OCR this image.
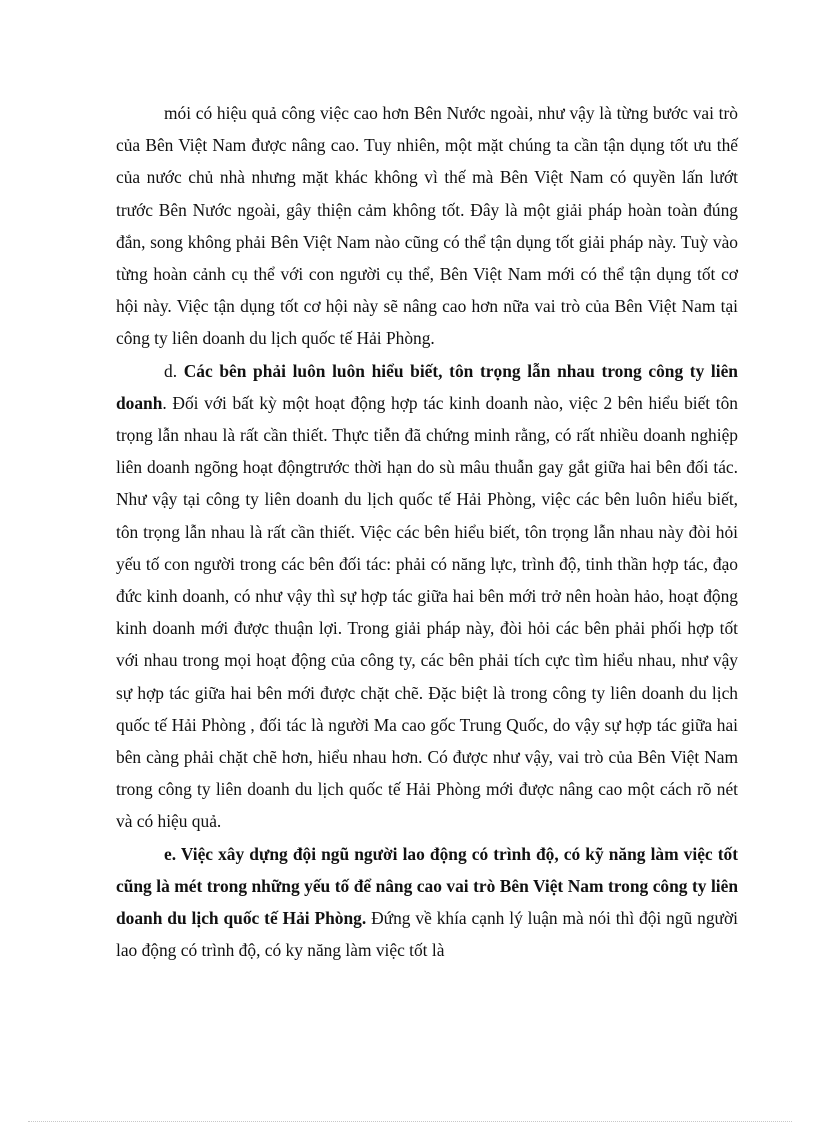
mói có hiệu quả công việc cao hơn Bên Nước ngoài, như vậy là từng bước vai trò của Bên Việt Nam được nâng cao. Tuy nhiên, một mặt chúng ta cần tận dụng tốt ưu thế của nước chủ nhà nhưng mặt khác không vì thế mà Bên Việt Nam có quyền lấn lướt trước Bên Nước ngoài, gây thiện cảm không tốt. Đây là một giải pháp hoàn toàn đúng đắn, song không phải Bên Việt Nam nào cũng có thể tận dụng tốt giải pháp này. Tuỳ vào từng hoàn cảnh cụ thể với con người cụ thể, Bên Việt Nam mới có thể tận dụng tốt cơ hội này. Việc tận dụng tốt cơ hội này sẽ nâng cao hơn nữa vai trò của Bên Việt Nam tại công ty liên doanh du lịch quốc tế Hải Phòng.

d. Các bên phải luôn luôn hiểu biết, tôn trọng lẫn nhau trong công ty liên doanh. Đối với bất kỳ một hoạt động hợp tác kinh doanh nào, việc 2 bên hiểu biết tôn trọng lẫn nhau là rất cần thiết. Thực tiễn đã chứng minh rằng, có rất nhiều doanh nghiệp liên doanh ngõng hoạt độngtrước thời hạn do sù mâu thuẫn gay gắt giữa hai bên đối tác. Như vậy tại công ty liên doanh du lịch quốc tế Hải Phòng, việc các bên luôn hiểu biết, tôn trọng lẫn nhau là rất cần thiết. Việc các bên hiểu biết, tôn trọng lẫn nhau này đòi hỏi yếu tố con người trong các bên đối tác: phải có năng lực, trình độ, tinh thần hợp tác, đạo đức kinh doanh, có như vậy thì sự hợp tác giữa hai bên mới trở nên hoàn hảo, hoạt động kinh doanh mới được thuận lợi. Trong giải pháp này, đòi hỏi các bên phải phối hợp tốt với nhau trong mọi hoạt động của công ty, các bên phải tích cực tìm hiểu nhau, như vậy sự hợp tác giữa hai bên mới được chặt chẽ. Đặc biệt là trong công ty liên doanh du lịch quốc tế Hải Phòng , đối tác là người Ma cao gốc Trung Quốc, do vậy sự hợp tác giữa hai bên càng phải chặt chẽ hơn, hiểu nhau hơn. Có được như vậy, vai trò của Bên Việt Nam trong công ty liên doanh du lịch quốc tế Hải Phòng mới được nâng cao một cách rõ nét và có hiệu quả.

e. Việc xây dựng đội ngũ người lao động có trình độ, có kỹ năng làm việc tốt cũng là mét trong những yếu tố để nâng cao vai trò Bên Việt Nam trong công ty liên doanh du lịch quốc tế Hải Phòng. Đứng về khía cạnh lý luận mà nói thì đội ngũ người lao động có trình độ, có ky năng làm việc tốt là
